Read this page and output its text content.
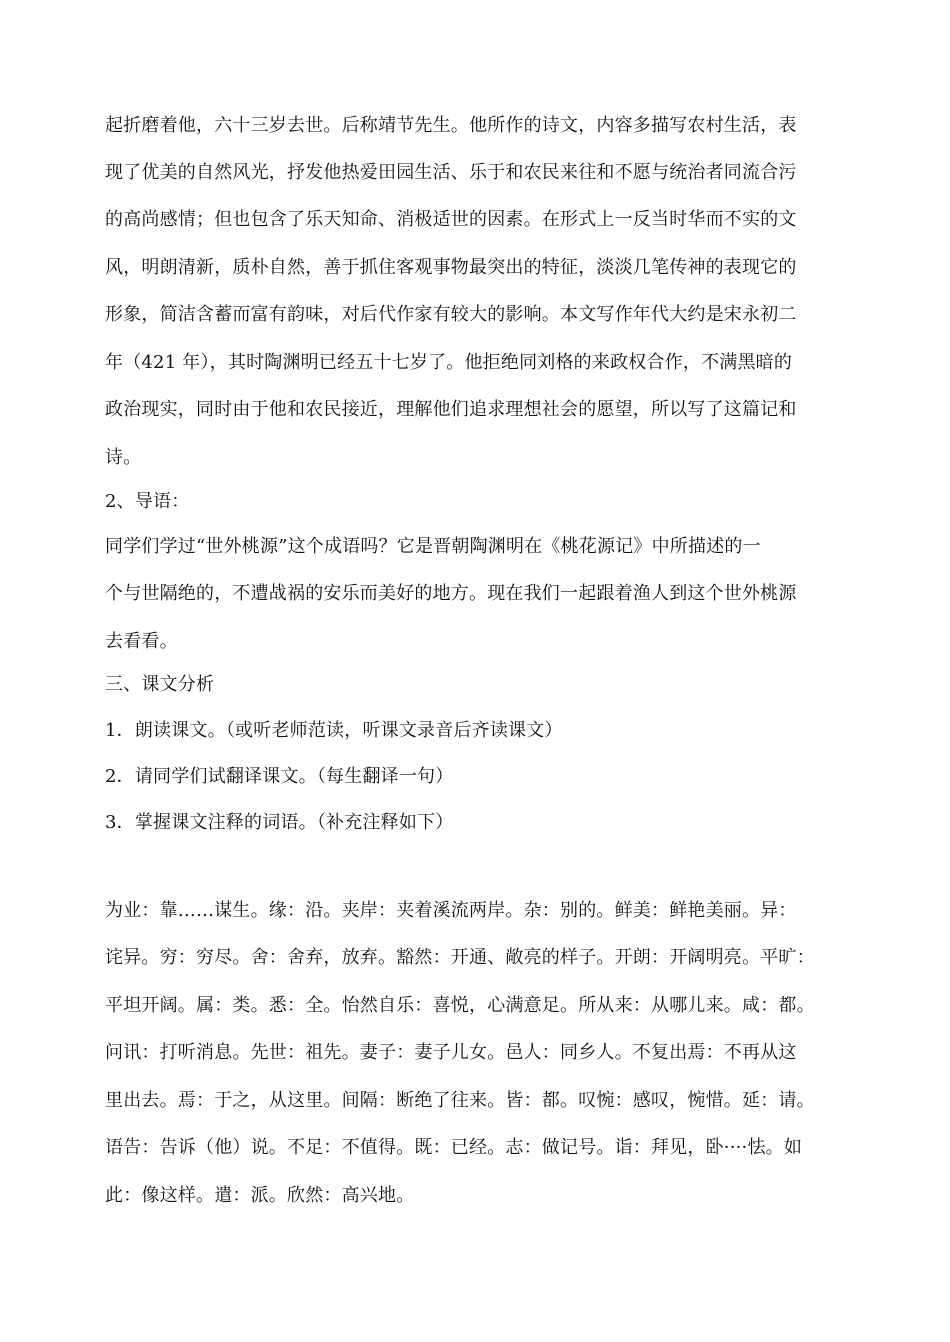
起折磨着他，六十三岁去世。后称靖节先生。他所作的诗文，内容多描写农村生活，表
现了优美的自然风光，抒发他热爱田园生活、乐于和农民来往和不愿与统治者同流合污
的高尚感情；但也包含了乐天知命、消极适世的因素。在形式上一反当时华而不实的文
风，明朗清新，质朴自然，善于抓住客观事物最突出的特征，淡淡几笔传神的表现它的
形象，简洁含蓄而富有韵味，对后代作家有较大的影响。本文写作年代大约是宋永初二
年（421 年），其时陶渊明已经五十七岁了。他拒绝同刘格的来政权合作，不满黑暗的
政治现实，同时由于他和农民接近，理解他们追求理想社会的愿望，所以写了这篇记和
诗。
2、导语：
同学们学过“世外桃源”这个成语吗？它是晋朝陶渊明在《桃花源记》中所描述的一
个与世隔绝的，不遭战祸的安乐而美好的地方。现在我们一起跟着渔人到这个世外桃源
去看看。
三、课文分析
1．朗读课文。（或听老师范读，听课文录音后齐读课文）
2．请同学们试翻译课文。（每生翻译一句）
3．掌握课文注释的词语。（补充注释如下）
为业：靠……谋生。缘：沿。夹岸：夹着溪流两岸。杂：别的。鲜美：鲜艳美丽。异：
诧异。穷：穷尽。舍：舍弃，放弃。豁然：开通、敞亮的样子。开朗：开阔明亮。平旷：
平坦开阔。属：类。悉：全。怡然自乐：喜悦，心满意足。所从来：从哪儿来。咸：都。
问讯：打听消息。先世：祖先。妻子：妻子儿女。邑人：同乡人。不复出焉：不再从这
里出去。焉：于之，从这里。间隔：断绝了往来。皆：都。叹惋：感叹，惋惜。延：请。
语告：告诉（他）说。不足：不值得。既：已经。志：做记号。诣：拜见，卧····怯。如
此：像这样。遣：派。欣然：高兴地。
